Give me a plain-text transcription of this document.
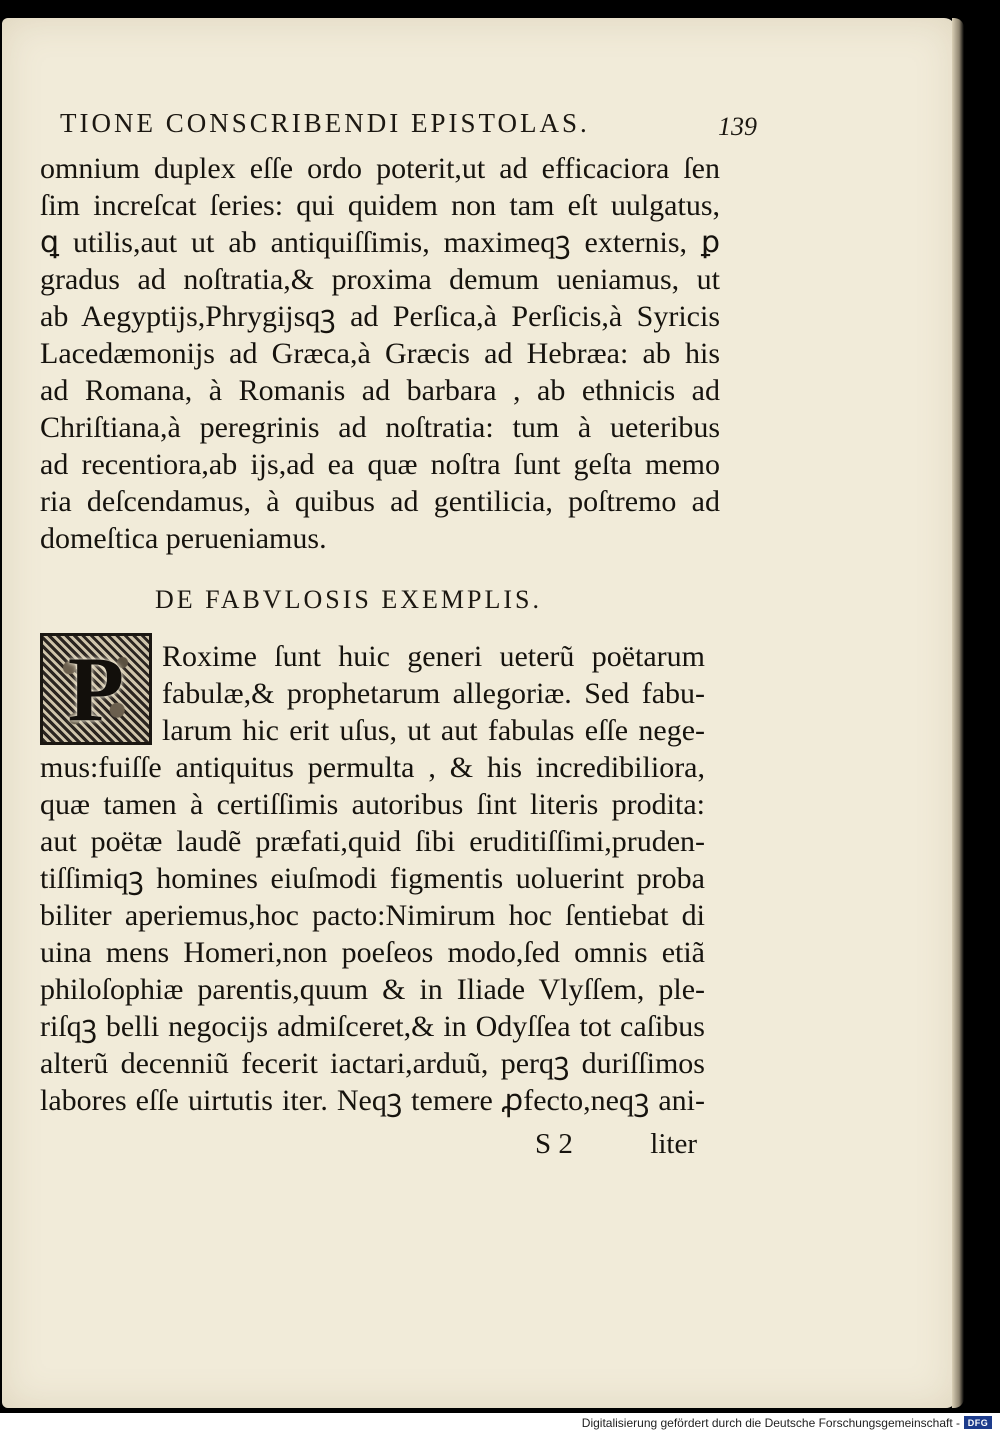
TIONE CONSCRIBENDI EPISTOLAS.	139
omnium duplex eſſe ordo poterit,ut ad efficaciora ſen
ſim increſcat ſeries: qui quidem non tam eſt uulgatus,
ꝗ utilis,aut ut ab antiquiſſimis, maximeqꝫ externis, ꝑ
gradus ad noſtratia,& proxima demum ueniamus, ut
ab Aegyptijs,Phrygijsqꝫ ad Perſica,à Perſicis,à Syricis
Lacedæmonijs ad Græca,à Græcis ad Hebræa: ab his
ad Romana, à Romanis ad barbara , ab ethnicis ad
Chriſtiana,à peregrinis ad noſtratia: tum à ueteribus
ad recentiora,ab ijs,ad ea quæ noſtra ſunt geſta memo
ria deſcendamus, à quibus ad gentilicia, poſtremo ad
domeſtica perueniamus.
DE FABVLOSIS EXEMPLIS.
P	Roxime ſunt huic generi ueterũ poëtarum
fabulæ,& prophetarum allegoriæ. Sed fabu-
larum hic erit uſus, ut aut fabulas eſſe nege-
mus:fuiſſe antiquitus permulta , & his incredibiliora,
quæ tamen à certiſſimis autoribus ſint literis prodita:
aut poëtæ laudẽ præfati,quid ſibi eruditiſſimi,pruden-
tiſſimiqꝫ homines eiuſmodi figmentis uoluerint proba
biliter aperiemus,hoc pacto:Nimirum hoc ſentiebat di
uina mens Homeri,non poeſeos modo,ſed omnis etiã
philoſophiæ parentis,quum & in Iliade Vlyſſem, ple-
riſqꝫ belli negocijs admiſceret,& in Odyſſea tot caſibus
alterũ decenniũ fecerit iactari,arduũ, perqꝫ duriſſimos
labores eſſe uirtutis iter. Neqꝫ temere ꝓfecto,neqꝫ ani-
S 2	liter
Digitalisierung gefördert durch die Deutsche Forschungsgemeinschaft - DFG
